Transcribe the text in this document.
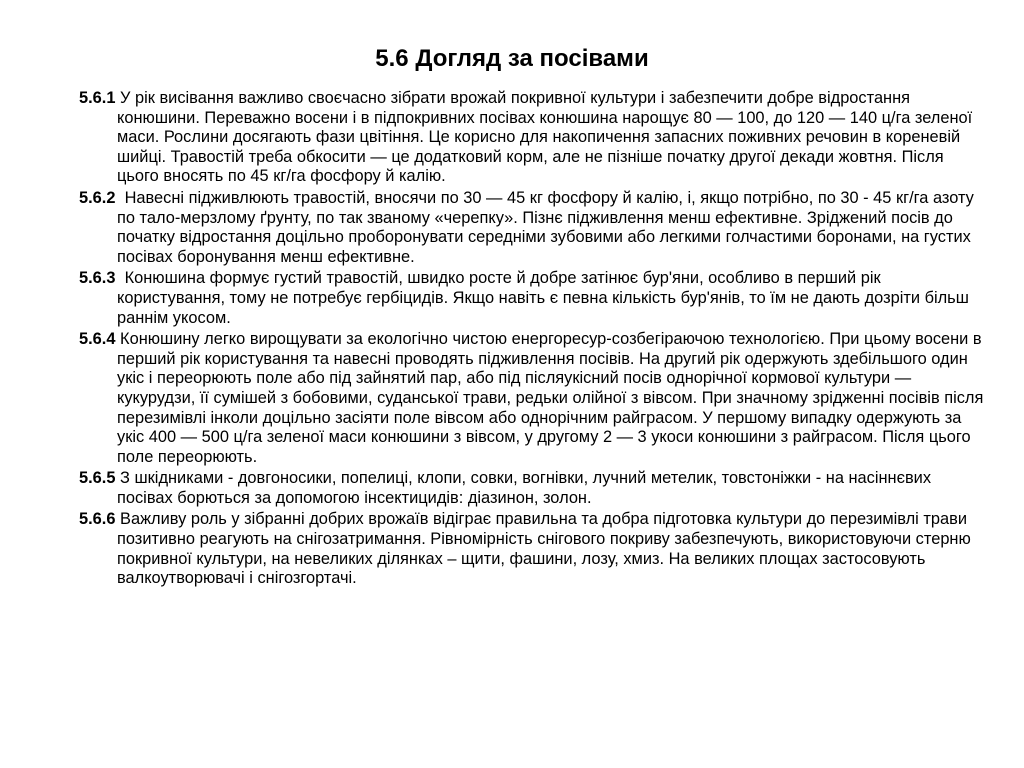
5.6 Догляд за посівами

5.6.1 У рік висівання важливо своєчасно зібрати врожай покривної культури і забезпечити добре відростання конюшини. Переважно восени і в підпокривних посівах конюшина нарощує 80 — 100, до 120 — 140 ц/га зеленої маси. Рослини досягають фази цвітіння. Це корисно для накопичення запасних поживних речовин в кореневій шийці. Травостій треба обкосити — це додатковий корм, але не пізніше початку другої декади жовтня. Після цього вносять по 45 кг/га фосфору й калію.

5.6.2 Навесні підживлюють травостій, вносячи по 30 — 45 кг фосфору й калію, і, якщо потрібно, по 30 - 45 кг/га азоту по тало-мерзлому ґрунту, по так званому «черепку». Пізнє підживлення менш ефективне. Зріджений посів до початку відростання доцільно проборонувати середніми зубовими або легкими голчастими боронами, на густих посівах боронування менш ефективне.

5.6.3 Конюшина формує густий травостій, швидко росте й добре затінює бур'яни, особливо в перший рік користування, тому не потребує гербіцидів. Якщо навіть є певна кількість бур'янів, то їм не дають дозріти більш раннім укосом.

5.6.4 Конюшину легко вирощувати за екологічно чистою енергоресур-созбегіраючою технологією. При цьому восени в перший рік користування та навесні проводять підживлення посівів. На другий рік одержують здебільшого один укіс і переорюють поле або під зайнятий пар, або під післяукісний посів однорічної кормової культури — кукурудзи, її сумішей з бобовими, суданської трави, редьки олійної з вівсом. При значному зрідженні посівів після перезимівлі інколи доцільно засіяти поле вівсом або однорічним райграсом. У першому випадку одержують за укіс 400 — 500 ц/га зеленої маси конюшини з вівсом, у другому 2 — 3 укоси конюшини з райграсом. Після цього поле переорюють.

5.6.5 З шкідниками - довгоносики, попелиці, клопи, совки, вогнівки, лучний метелик, товстоніжки - на насіннєвих посівах борються за допомогою інсектицидів: діазинон, золон.

5.6.6 Важливу роль у зібранні добрих врожаїв відіграє правильна та добра підготовка культури до перезимівлі трави позитивно реагують на снігозатримання. Рівномірність снігового покриву забезпечують, використовуючи стерню покривної культури, на невеликих ділянках – щити, фашини, лозу, хмиз. На великих площах застосовують валкоутворювачі і снігозгортачі.
